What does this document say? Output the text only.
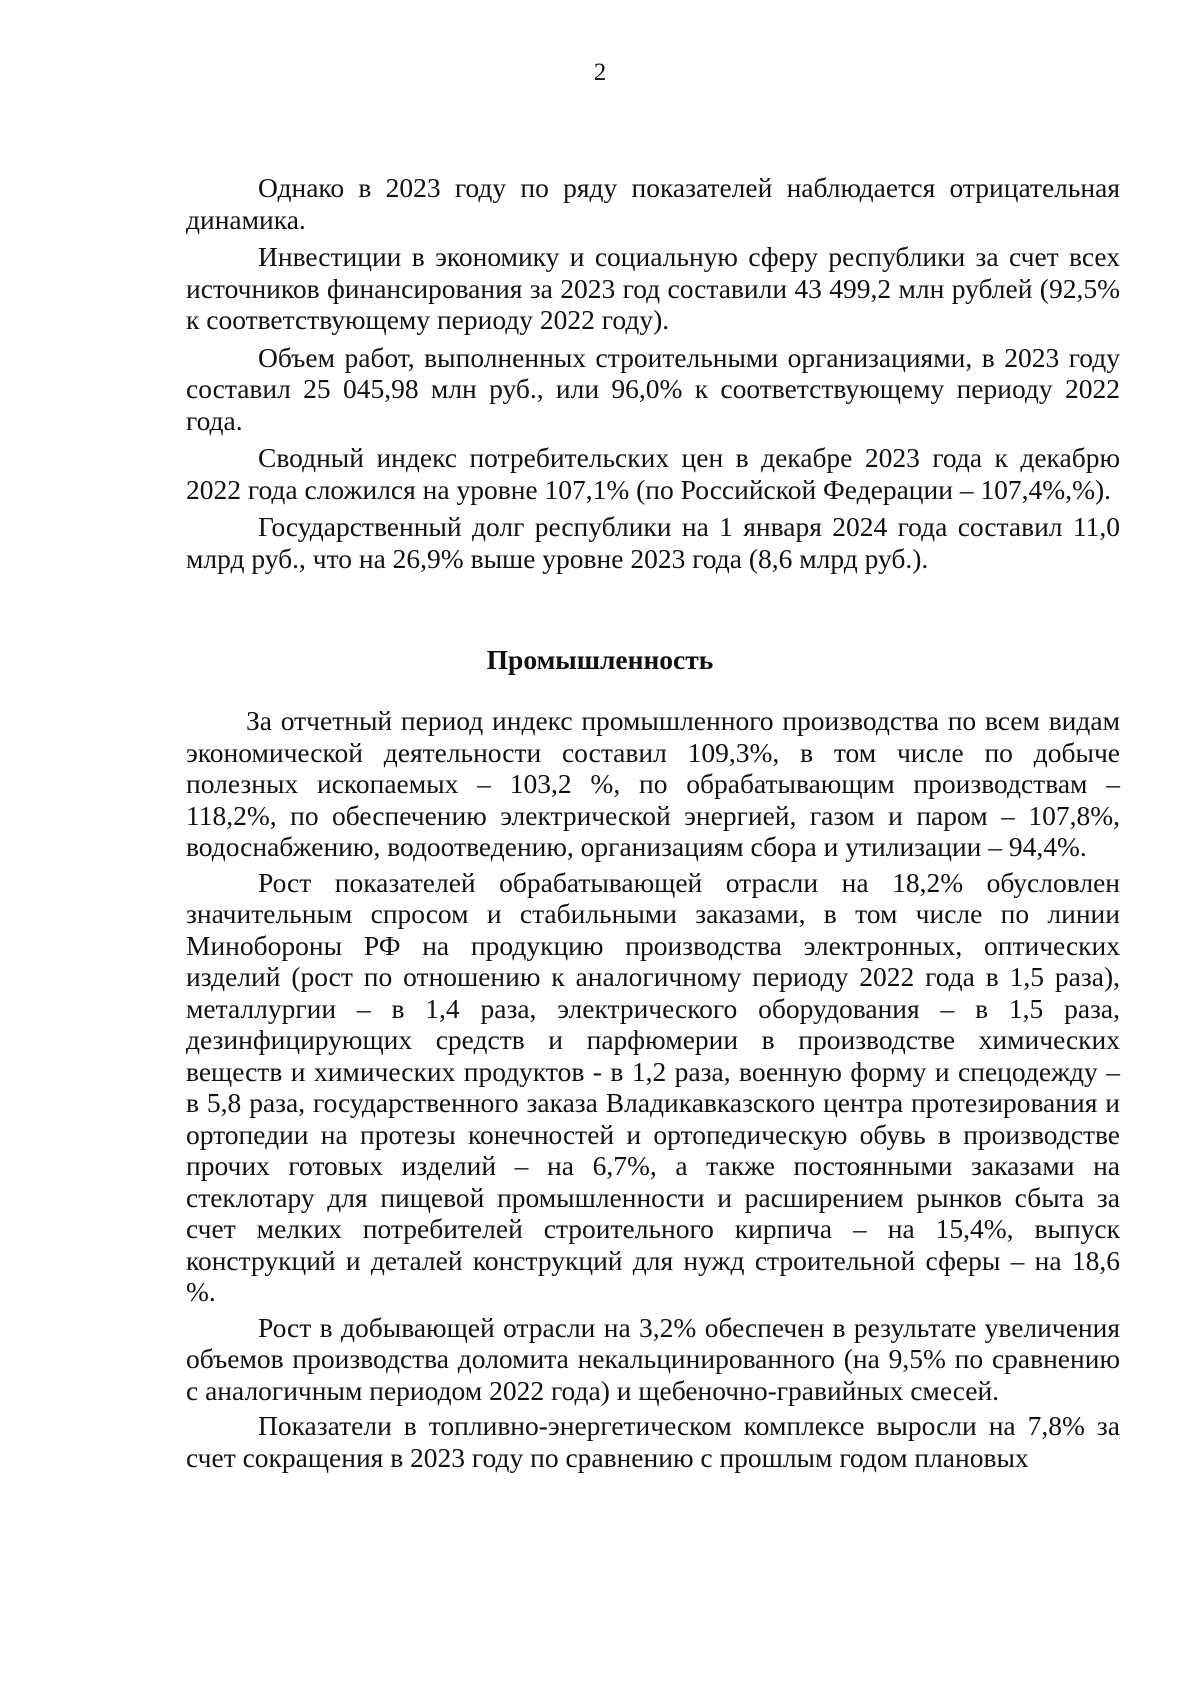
2

Однако в 2023 году по ряду показателей наблюдается отрицательная динамика.

Инвестиции в экономику и социальную сферу республики за счет всех источников финансирования за 2023 год составили 43 499,2 млн рублей (92,5% к соответствующему периоду 2022 году).

Объем работ, выполненных строительными организациями, в 2023 году составил 25 045,98 млн руб., или 96,0% к соответствующему периоду 2022 года.

Сводный индекс потребительских цен в декабре 2023 года к декабрю 2022 года сложился на уровне 107,1% (по Российской Федерации – 107,4%,%).

Государственный долг республики на 1 января 2024 года составил 11,0 млрд руб., что на 26,9% выше уровне 2023 года (8,6 млрд руб.).

Промышленность

За отчетный период индекс промышленного производства по всем видам экономической деятельности составил 109,3%, в том числе по добыче полезных ископаемых – 103,2 %, по обрабатывающим производствам – 118,2%, по обеспечению электрической энергией, газом и паром – 107,8%, водоснабжению, водоотведению, организациям сбора и утилизации – 94,4%.

Рост показателей обрабатывающей отрасли на 18,2% обусловлен значительным спросом и стабильными заказами, в том числе по линии Минобороны РФ на продукцию производства электронных, оптических изделий (рост по отношению к аналогичному периоду 2022 года в 1,5 раза), металлургии – в 1,4 раза, электрического оборудования – в 1,5 раза, дезинфицирующих средств и парфюмерии в производстве химических веществ и химических продуктов - в 1,2 раза, военную форму и спецодежду – в 5,8 раза, государственного заказа Владикавказского центра протезирования и ортопедии на протезы конечностей и ортопедическую обувь в производстве прочих готовых изделий – на 6,7%, а также постоянными заказами на стеклотару для пищевой промышленности и расширением рынков сбыта за счет мелких потребителей строительного кирпича – на 15,4%, выпуск конструкций и деталей конструкций для нужд строительной сферы – на 18,6 %.

Рост в добывающей отрасли на 3,2% обеспечен в результате увеличения объемов производства доломита некальцинированного (на 9,5% по сравнению с аналогичным периодом 2022 года) и щебеночно-гравийных смесей.

Показатели в топливно-энергетическом комплексе выросли на 7,8% за счет сокращения в 2023 году по сравнению с прошлым годом плановых
